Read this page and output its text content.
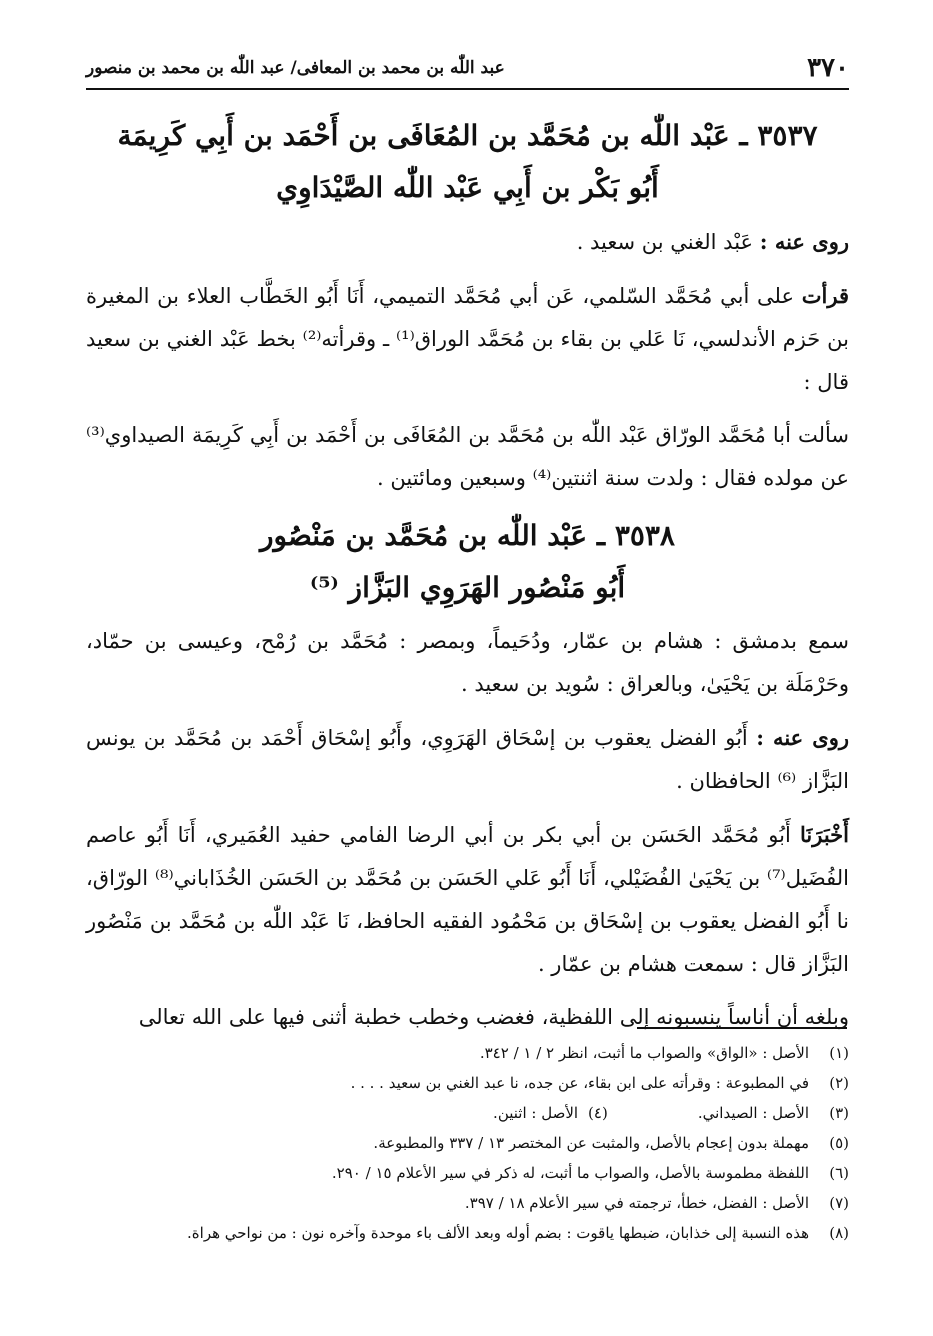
٣٧٠
عبد اللّٰه بن محمد بن المعافى/ عبد اللّٰه بن محمد بن منصور
٣٥٣٧ ـ عَبْد اللّٰه بن مُحَمَّد بن المُعَافَى بن أَحْمَد بن أَبِي كَرِيمَة
أَبُو بَكْر بن أَبِي عَبْد اللّٰه الصَّيْدَاوِي

روى عنه : عَبْد الغني بن سعيد .

قرأت على أبي مُحَمَّد السّلمي، عَن أبي مُحَمَّد التميمي، أَنَا أَبُو الخَطَّاب العلاء بن المغيرة بن حَزم الأندلسي، نَا عَلي بن بقاء بن مُحَمَّد الوراق⁽¹⁾ ـ وقرأته⁽²⁾ بخط عَبْد الغني بن سعيد قال :

سألت أبا مُحَمَّد الورّاق عَبْد اللّٰه بن مُحَمَّد بن المُعَافَى بن أَحْمَد بن أَبِي كَرِيمَة الصيداوي⁽³⁾ عن مولده فقال : ولدت سنة اثنتين⁽⁴⁾ وسبعين ومائتين .

٣٥٣٨ ـ عَبْد اللّٰه بن مُحَمَّد بن مَنْصُور
أَبُو مَنْصُور الهَرَوِي البَزَّاز ⁽⁵⁾

سمع بدمشق : هشام بن عمّار، ودُحَيماً، وبمصر : مُحَمَّد بن رُمْح، وعيسى بن حمّاد، وحَرْمَلَة بن يَحْيَىٰ، وبالعراق : سُويد بن سعيد .

روى عنه : أَبُو الفضل يعقوب بن إسْحَاق الهَرَوِي، وأَبُو إسْحَاق أَحْمَد بن مُحَمَّد بن يونس البَزَّاز ⁽⁶⁾ الحافظان .

أَخْبَرَنَا أَبُو مُحَمَّد الحَسَن بن أبي بكر بن أبي الرضا الفامي حفيد العُمَيري، أَنَا أَبُو عاصم الفُضَيل⁽⁷⁾ بن يَحْيَىٰ الفُضَيْلي، أَنَا أَبُو عَلي الحَسَن بن مُحَمَّد بن الحَسَن الخُذَاباني⁽⁸⁾ الورّاق، نا أَبُو الفضل يعقوب بن إسْحَاق بن مَحْمُود الفقيه الحافظ، نَا عَبْد اللّٰه بن مُحَمَّد بن مَنْصُور البَزَّاز قال : سمعت هشام بن عمّار .

وبلغه أن أناساً ينسبونه إلى اللفظية، فغضب وخطب خطبة أثنى فيها على الله تعالى

(١)
الأصل : «الواق» والصواب ما أثبت، انظر ٢ / ١ / ٣٤٢.
(٢)
في المطبوعة : وقرأته على ابن بقاء، عن جده، نا عبد الغني بن سعيد . . . .
(٣)
الأصل : الصيداني.
(٤)
الأصل : اثنين.
(٥)
مهملة بدون إعجام بالأصل، والمثبت عن المختصر ١٣ / ٣٣٧ والمطبوعة.
(٦)
اللفظة مطموسة بالأصل، والصواب ما أثبت، له ذكر في سير الأعلام ١٥ / ٢٩٠.
(٧)
الأصل : الفضل، خطأ، ترجمته في سير الأعلام ١٨ / ٣٩٧.
(٨)
هذه النسبة إلى خذابان، ضبطها ياقوت : بضم أوله وبعد الألف باء موحدة وآخره نون : من نواحي هراة.
